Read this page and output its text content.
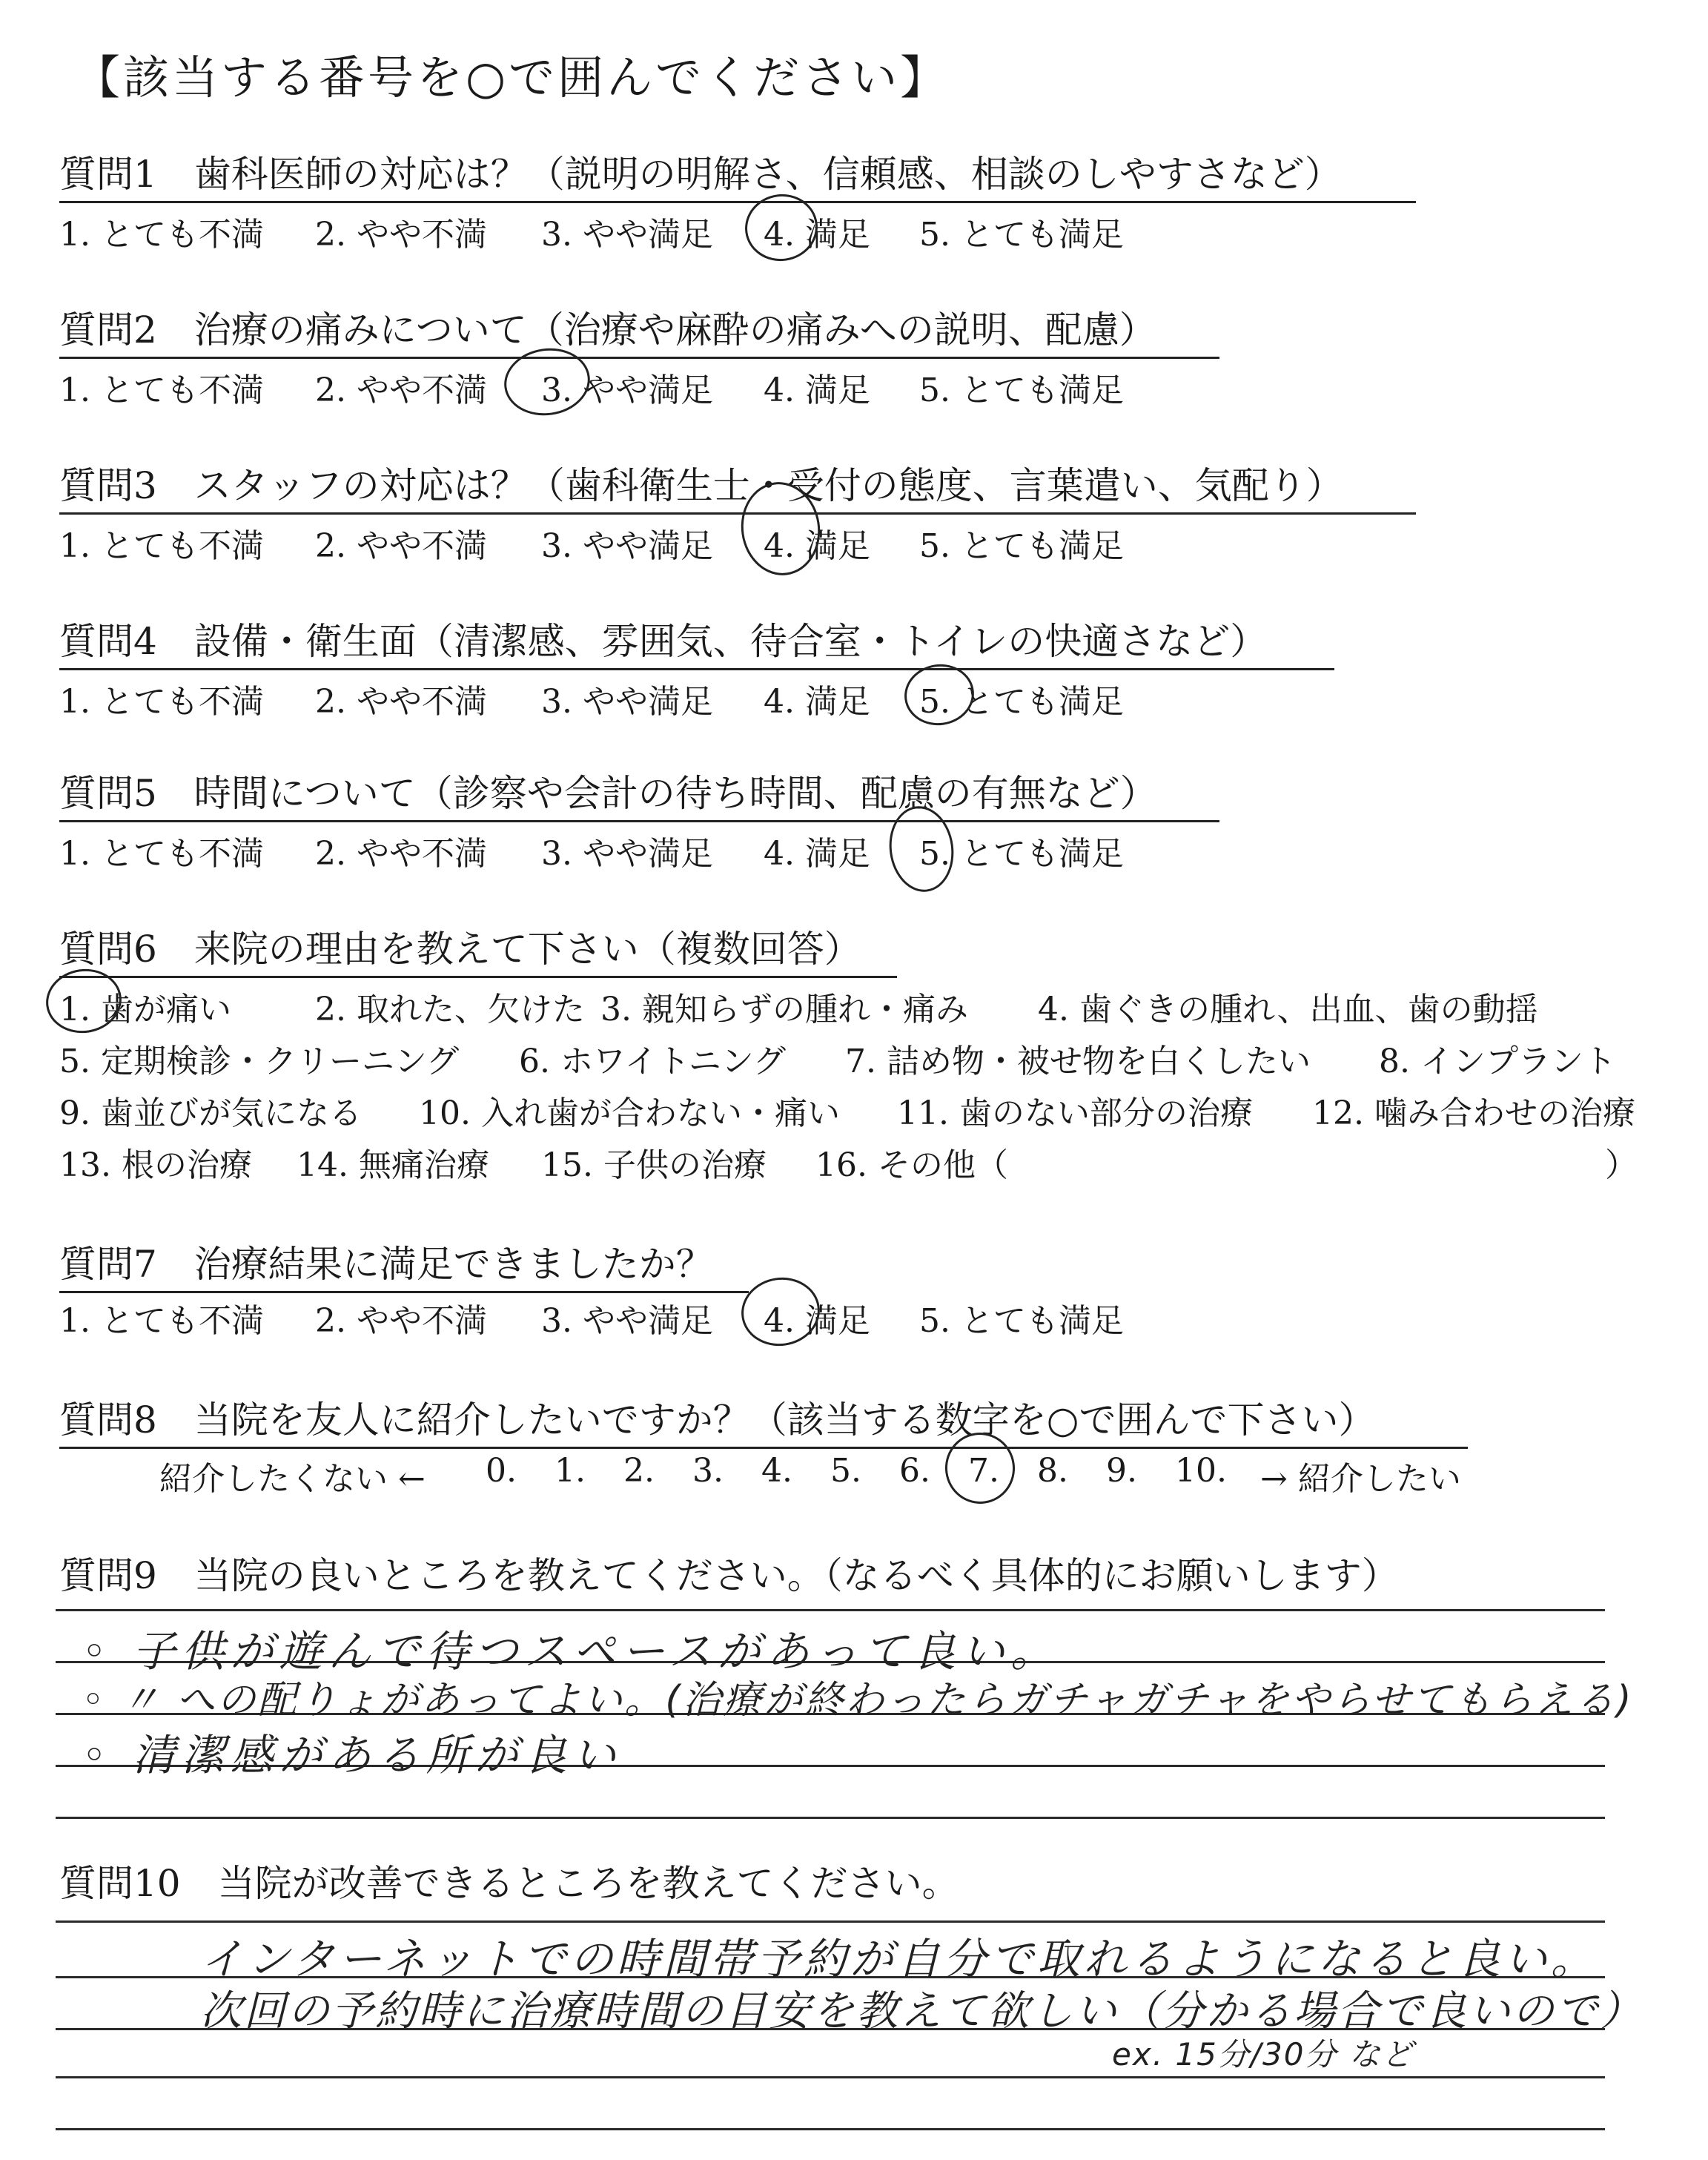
【該当する番号を○で囲んでください】
質問1　歯科医師の対応は？（説明の明解さ、信頼感、相談のしやすさなど）
1. とても不満 2. やや不満 3. やや満足 4. 満足 5. とても満足
質問2　治療の痛みについて（治療や麻酔の痛みへの説明、配慮）
1. とても不満 2. やや不満 3. やや満足 4. 満足 5. とても満足
質問3　スタッフの対応は？（歯科衛生士・受付の態度、言葉遣い、気配り）
1. とても不満 2. やや不満 3. やや満足 4. 満足 5. とても満足
質問4　設備・衛生面（清潔感、雰囲気、待合室・トイレの快適さなど）
1. とても不満 2. やや不満 3. やや満足 4. 満足 5. とても満足
質問5　時間について（診察や会計の待ち時間、配慮の有無など）
1. とても不満 2. やや不満 3. やや満足 4. 満足 5. とても満足
質問6　来院の理由を教えて下さい（複数回答）
1. 歯が痛い	2. 取れた、欠けた 3. 親知らずの腫れ・痛み 4. 歯ぐきの腫れ、出血、歯の動揺
5. 定期検診・クリーニング 6. ホワイトニング 7. 詰め物・被せ物を白くしたい 8. インプラント
9. 歯並びが気になる 10. 入れ歯が合わない・痛い 11. 歯のない部分の治療 12. 噛み合わせの治療
13. 根の治療 14. 無痛治療 15. 子供の治療 16. その他（	）
質問7　治療結果に満足できましたか？
1. とても不満 2. やや不満 3. やや満足 4. 満足 5. とても満足
質問8　当院を友人に紹介したいですか？（該当する数字を○で囲んで下さい）
紹介したくない ← 0. 1. 2. 3. 4. 5. 6. 7. 8. 9. 10. → 紹介したい
質問9　当院の良いところを教えてください。（なるべく具体的にお願いします）
◦ 子供が遊んで待つスペースがあって良い。
◦ 〃 への配りょがあってよい。(治療が終わったらガチャガチャをやらせてもらえる)
◦ 清潔感がある所が良い
質問10　当院が改善できるところを教えてください。
インターネットでの時間帯予約が自分で取れるようになると良い。
次回の予約時に治療時間の目安を教えて欲しい（分かる場合で良いので）
ex. 15分/30分 など
